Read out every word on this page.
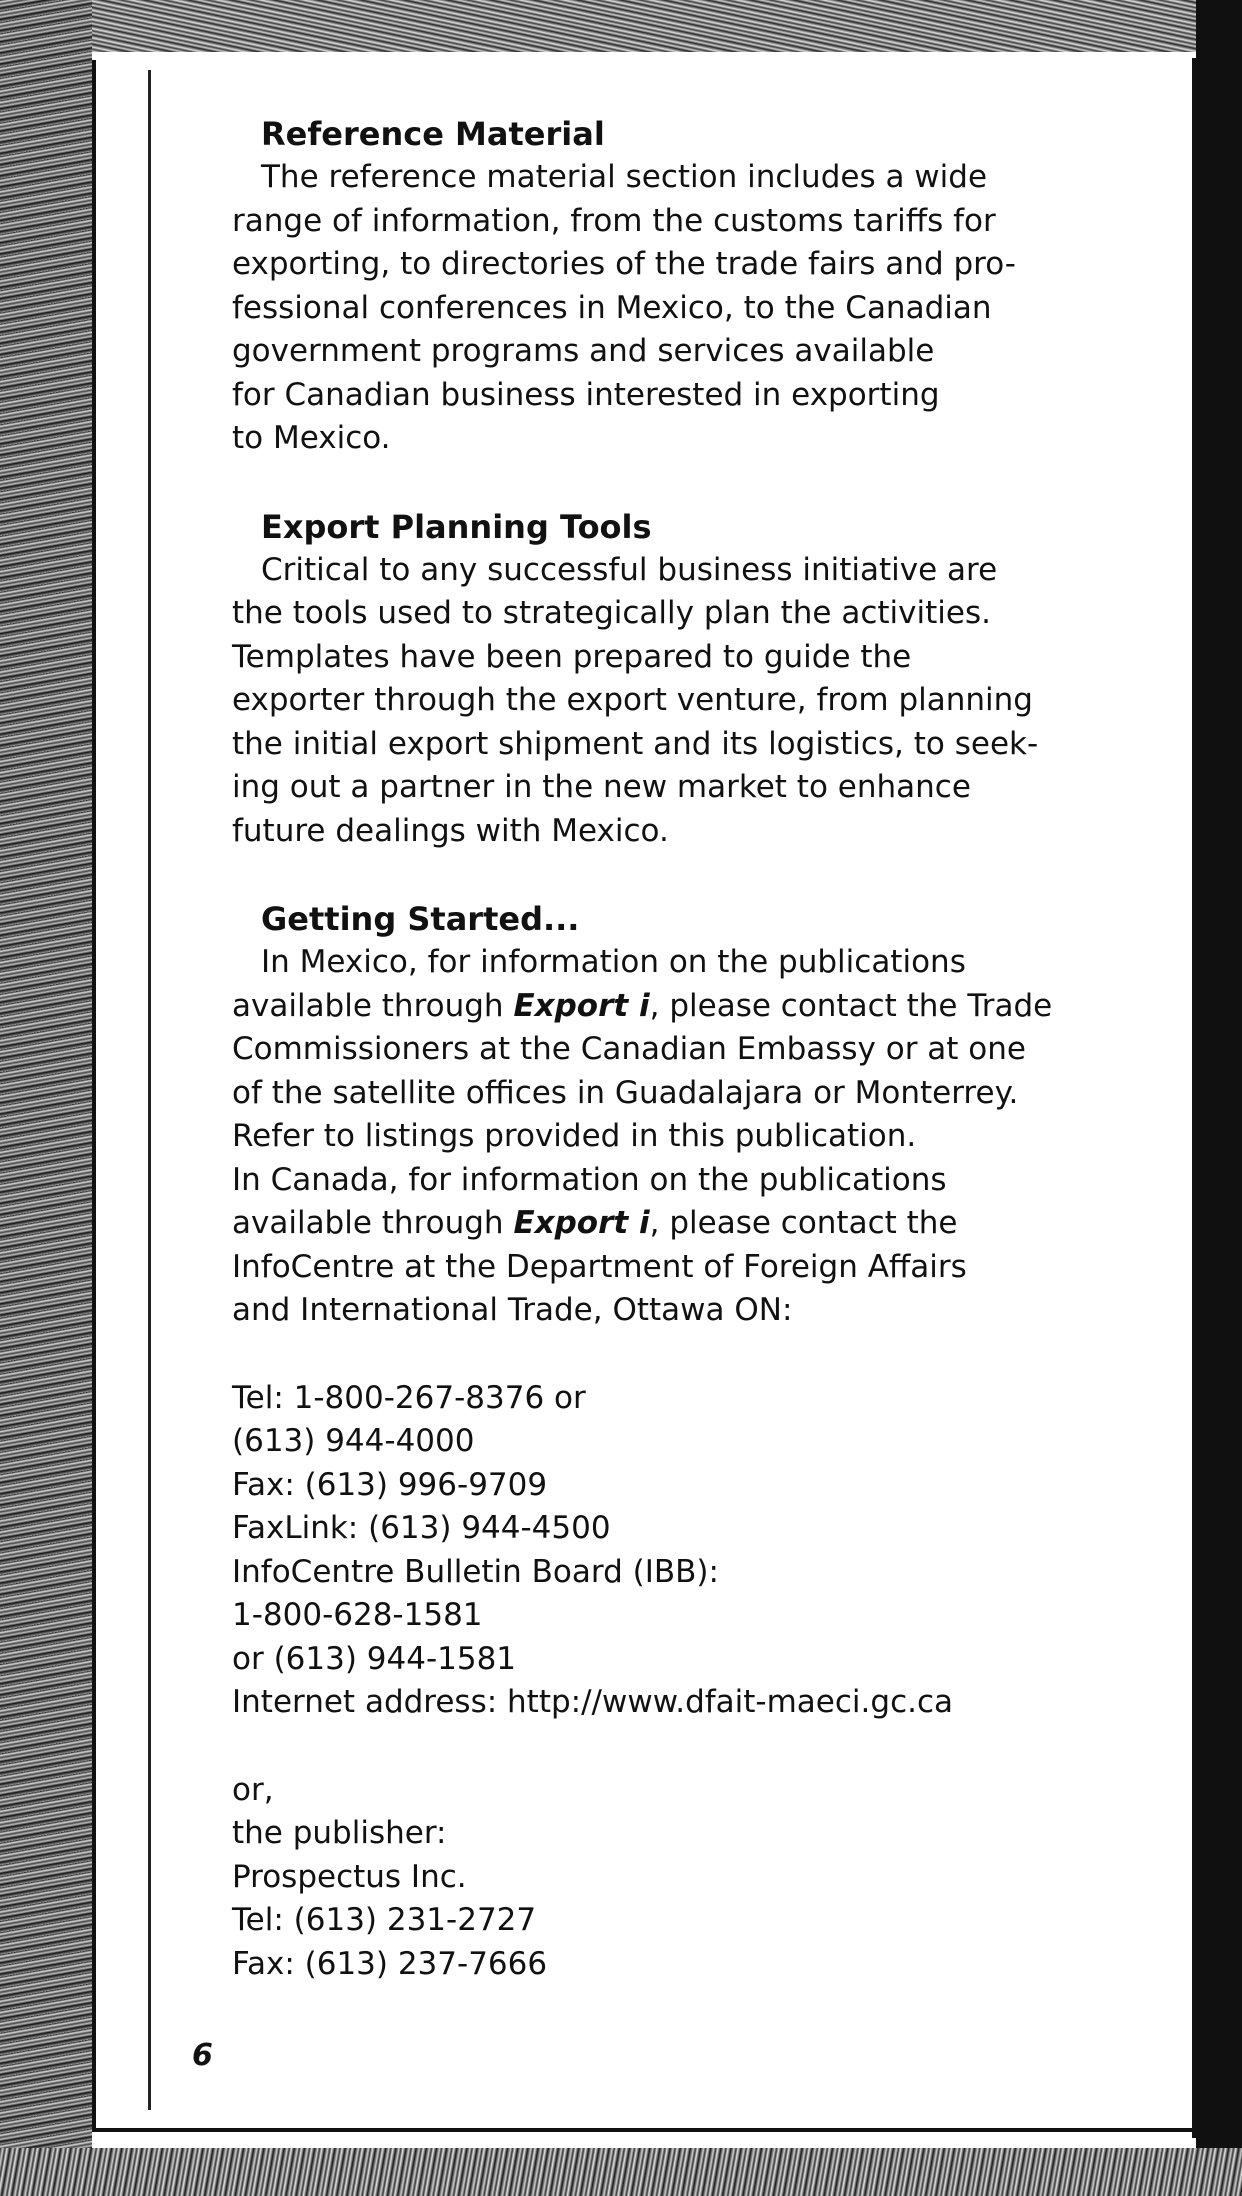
Reference Material

The reference material section includes a wide
range of information, from the customs tariffs for
exporting, to directories of the trade fairs and pro-
fessional conferences in Mexico, to the Canadian
government programs and services available
for Canadian business interested in exporting
to Mexico.

Export Planning Tools

Critical to any successful business initiative are
the tools used to strategically plan the activities.
Templates have been prepared to guide the
exporter through the export venture, from planning
the initial export shipment and its logistics, to seek-
ing out a partner in the new market to enhance
future dealings with Mexico.

Getting Started...

In Mexico, for information on the publications
available through Export i, please contact the Trade
Commissioners at the Canadian Embassy or at one
of the satellite offices in Guadalajara or Monterrey.
Refer to listings provided in this publication.

In Canada, for information on the publications
available through Export i, please contact the
InfoCentre at the Department of Foreign Affairs
and International Trade, Ottawa ON:

Tel: 1-800-267-8376 or
(613) 944-4000
Fax: (613) 996-9709
FaxLink: (613) 944-4500
InfoCentre Bulletin Board (IBB):
1-800-628-1581
or (613) 944-1581
Internet address: http://www.dfait-maeci.gc.ca

or,
the publisher:
Prospectus Inc.
Tel: (613) 231-2727
Fax: (613) 237-7666

6
